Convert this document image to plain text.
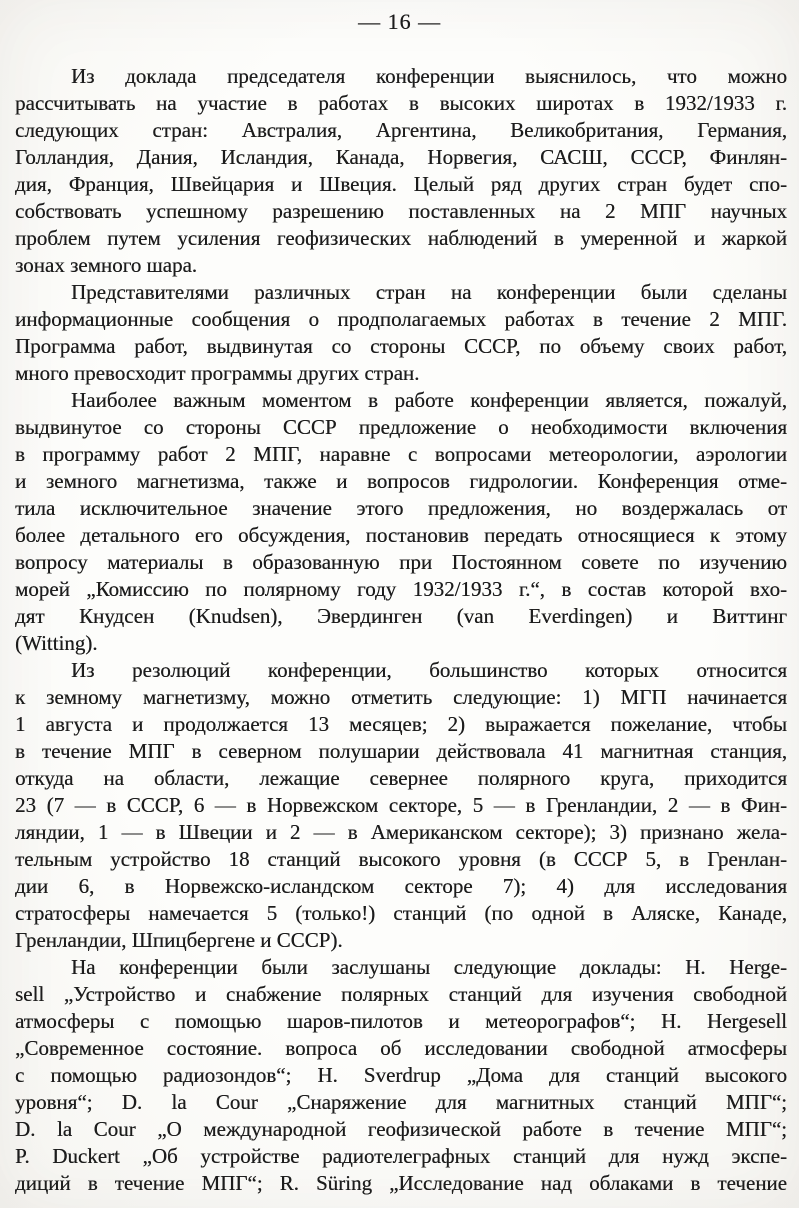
— 16 —
Из доклада председателя конференции выяснилось, что можно
рассчитывать на участие в работах в высоких широтах в 1932/1933 г.
следующих стран: Австралия, Аргентина, Великобритания, Германия,
Голландия, Дания, Исландия, Канада, Норвегия, САСШ, СССР, Финлян-
дия, Франция, Швейцария и Швеция. Целый ряд других стран будет спо-
собствовать успешному разрешению поставленных на 2 МПГ научных
проблем путем усиления геофизических наблюдений в умеренной и жаркой
зонах земного шара.
Представителями различных стран на конференции были сделаны
информационные сообщения о продполагаемых работах в течение 2 МПГ.
Программа работ, выдвинутая со стороны СССР, по объему своих работ,
много превосходит программы других стран.
Наиболее важным моментом в работе конференции является, пожалуй,
выдвинутое со стороны СССР предложение о необходимости включения
в программу работ 2 МПГ, наравне с вопросами метеорологии, аэрологии
и земного магнетизма, также и вопросов гидрологии. Конференция отме-
тила исключительное значение этого предложения, но воздержалась от
более детального его обсуждения, постановив передать относящиеся к этому
вопросу материалы в образованную при Постоянном совете по изучению
морей „Комиссию по полярному году 1932/1933 г.“, в состав которой вхо-
дят Кнудсен (Knudsen), Эвердинген (van Everdingen) и Виттинг
(Witting).
Из резолюций конференции, большинство которых относится
к земному магнетизму, можно отметить следующие: 1) МГП начинается
1 августа и продолжается 13 месяцев; 2) выражается пожелание, чтобы
в течение МПГ в северном полушарии действовала 41 магнитная станция,
откуда на области, лежащие севернее полярного круга, приходится
23 (7 — в СССР, 6 — в Норвежском секторе, 5 — в Гренландии, 2 — в Фин-
ляндии, 1 — в Швеции и 2 — в Американском секторе); 3) признано жела-
тельным устройство 18 станций высокого уровня (в СССР 5, в Гренлан-
дии 6, в Норвежско-исландском секторе 7); 4) для исследования
стратосферы намечается 5 (только!) станций (по одной в Аляске, Канаде,
Гренландии, Шпицбергене и СССР).
На конференции были заслушаны следующие доклады: H. Herge-
sell „Устройство и снабжение полярных станций для изучения свободной
атмосферы с помощью шаров-пилотов и метеорографов“; H. Hergesell
„Современное состояние. вопроса об исследовании свободной атмосферы
с помощью радиозондов“; H. Sverdrup „Дома для станций высокого
уровня“; D. la Cour „Снаряжение для магнитных станций МПГ“;
D. la Cour „О международной геофизической работе в течение МПГ“;
P. Duckert „Об устройстве радиотелеграфных станций для нужд экспе-
диций в течение МПГ“; R. Süring „Исследование над облаками в течение
